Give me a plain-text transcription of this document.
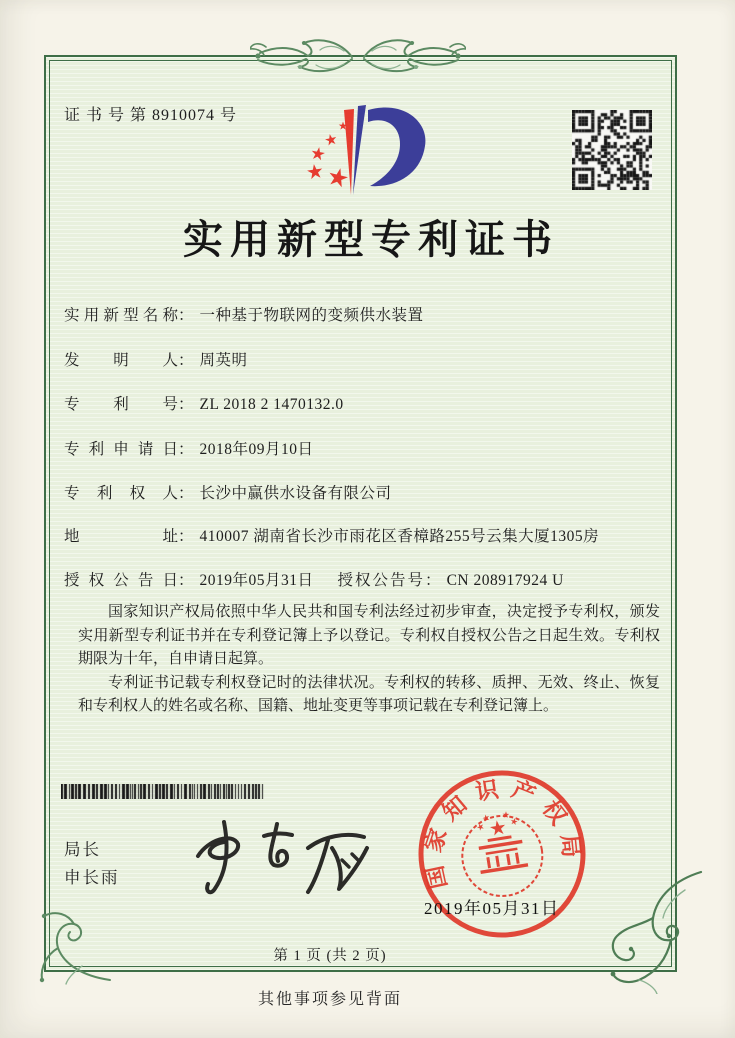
证 书 号 第 8910074 号
实用新型专利证书
实用新型名称 ： 一种基于物联网的变频供水装置
发明人 ： 周英明
专利号 ： ZL 2018 2 1470132.0
专利申请日 ： 2018年09月10日
专利权人 ： 长沙中赢供水设备有限公司
地址 ： 410007 湖南省长沙市雨花区香樟路255号云集大厦1305房
授权公告日 ： 2019年05月31日 授权公告号 ： CN 208917924 U

国家知识产权局依照中华人民共和国专利法经过初步审查，决定授予专利权，颁发实用新型专利证书并在专利登记簿上予以登记。专利权自授权公告之日起生效。专利权期限为十年，自申请日起算。

专利证书记载专利权登记时的法律状况。专利权的转移、质押、无效、终止、恢复和专利权人的姓名或名称、国籍、地址变更等事项记载在专利登记簿上。

局长
申长雨	国家知识产权局
2019年05月31日
第 1 页 (共 2 页)
其他事项参见背面
